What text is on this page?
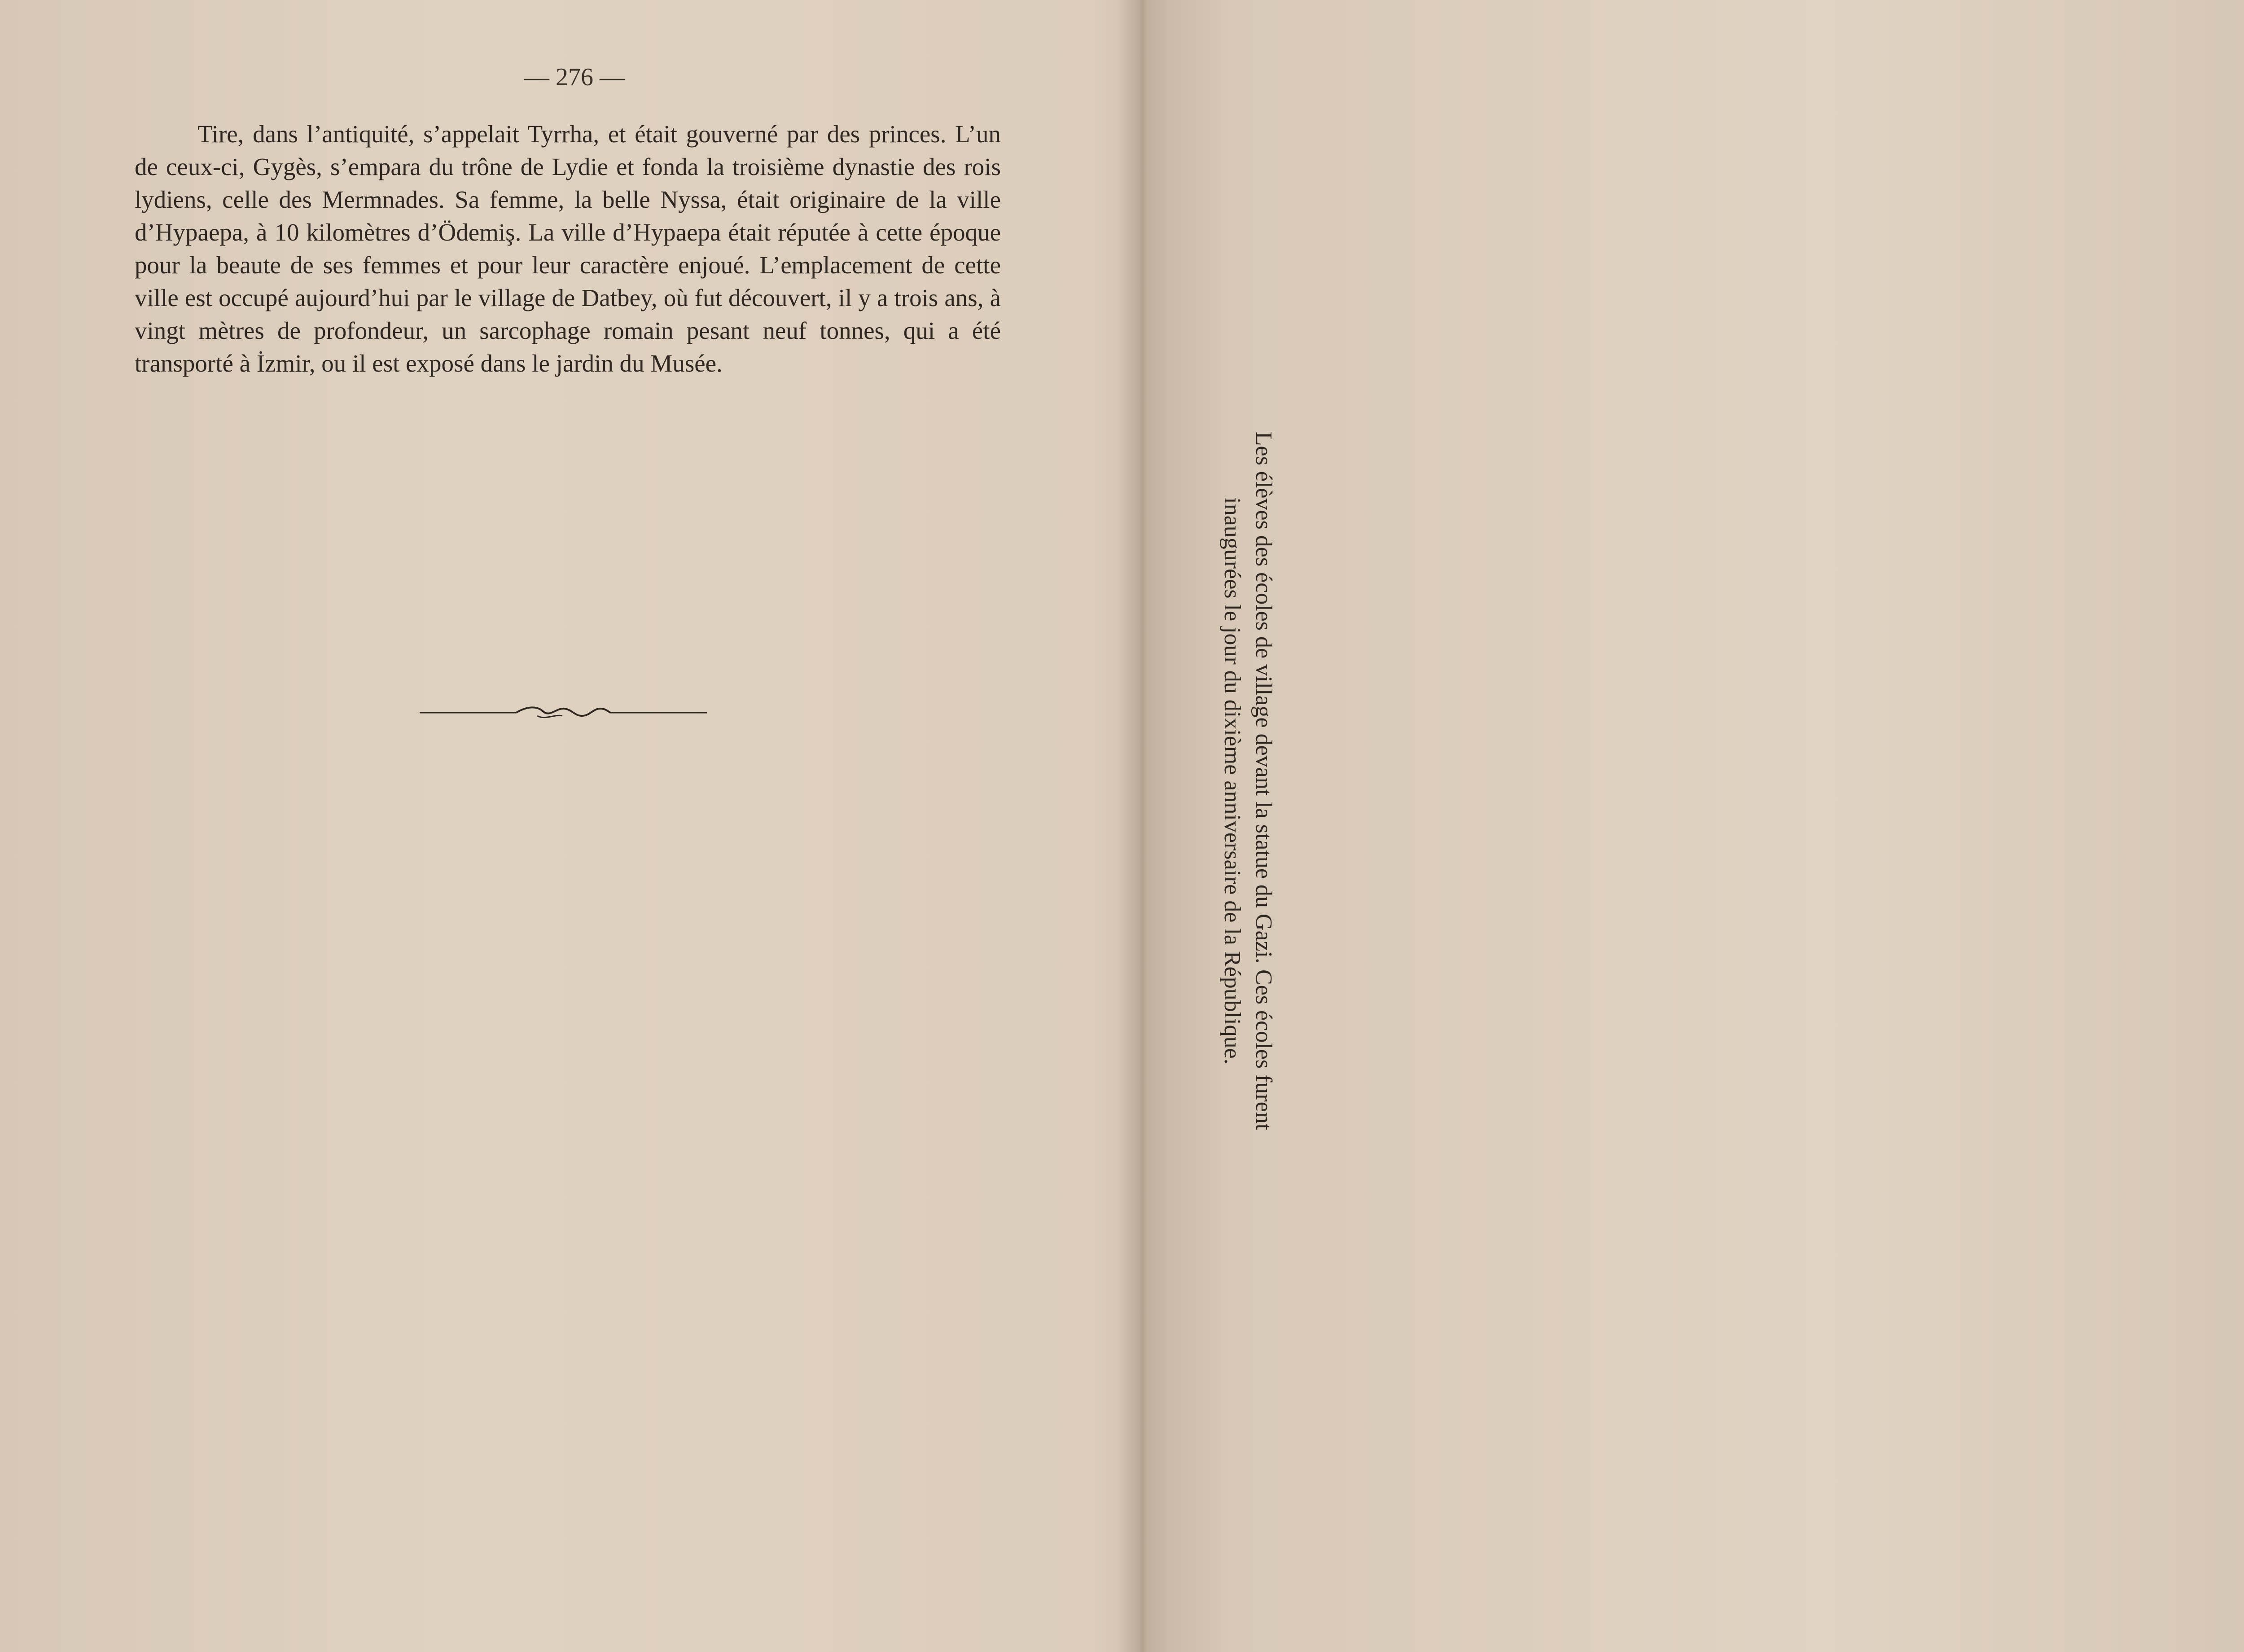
— 276 —

Tire, dans l’antiquité, s’appelait Tyrrha, et était gouverné par des princes. L’un de ceux-ci, Gygès, s’empara du trône de Lydie et fonda la troisième dynastie des rois lydiens, celle des Mermnades. Sa femme, la belle Nyssa, était originaire de la ville d’Hypaepa, à 10 kilomètres d’Ödemiş. La ville d’Hypaepa était réputée à cette époque pour la beaute de ses femmes et pour leur caractère enjoué. L’emplacement de cette ville est occupé aujourd’hui par le village de Datbey, où fut découvert, il y a trois ans, à vingt mètres de profondeur, un sarcophage romain pesant neuf tonnes, qui a été transporté à İzmir, ou il est exposé dans le jardin du Musée.

Les élèves des écoles de village devant la statue du Gazi. Ces écoles furent inaugurées le jour du dixième anniversaire de la République.
